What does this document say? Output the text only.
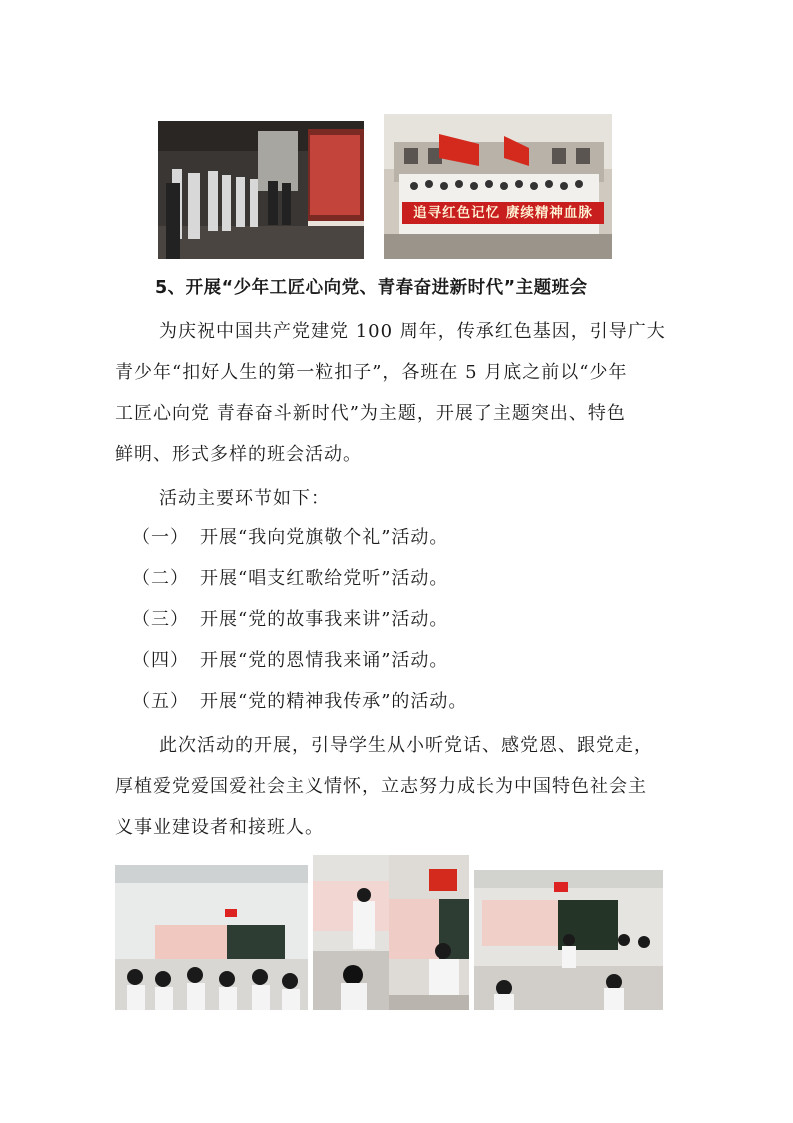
追寻红色记忆 赓续精神血脉
5、开展“少年工匠心向党、青春奋进新时代”主题班会
为庆祝中国共产党建党 100 周年，传承红色基因，引导广大
青少年“扣好人生的第一粒扣子”，各班在 5 月底之前以“少年
工匠心向党 青春奋斗新时代”为主题，开展了主题突出、特色
鲜明、形式多样的班会活动。
活动主要环节如下：
（一） 开展“我向党旗敬个礼”活动。
（二） 开展“唱支红歌给党听”活动。
（三） 开展“党的故事我来讲”活动。
（四） 开展“党的恩情我来诵”活动。
（五） 开展“党的精神我传承”的活动。
此次活动的开展，引导学生从小听党话、感党恩、跟党走，
厚植爱党爱国爱社会主义情怀，立志努力成长为中国特色社会主
义事业建设者和接班人。
